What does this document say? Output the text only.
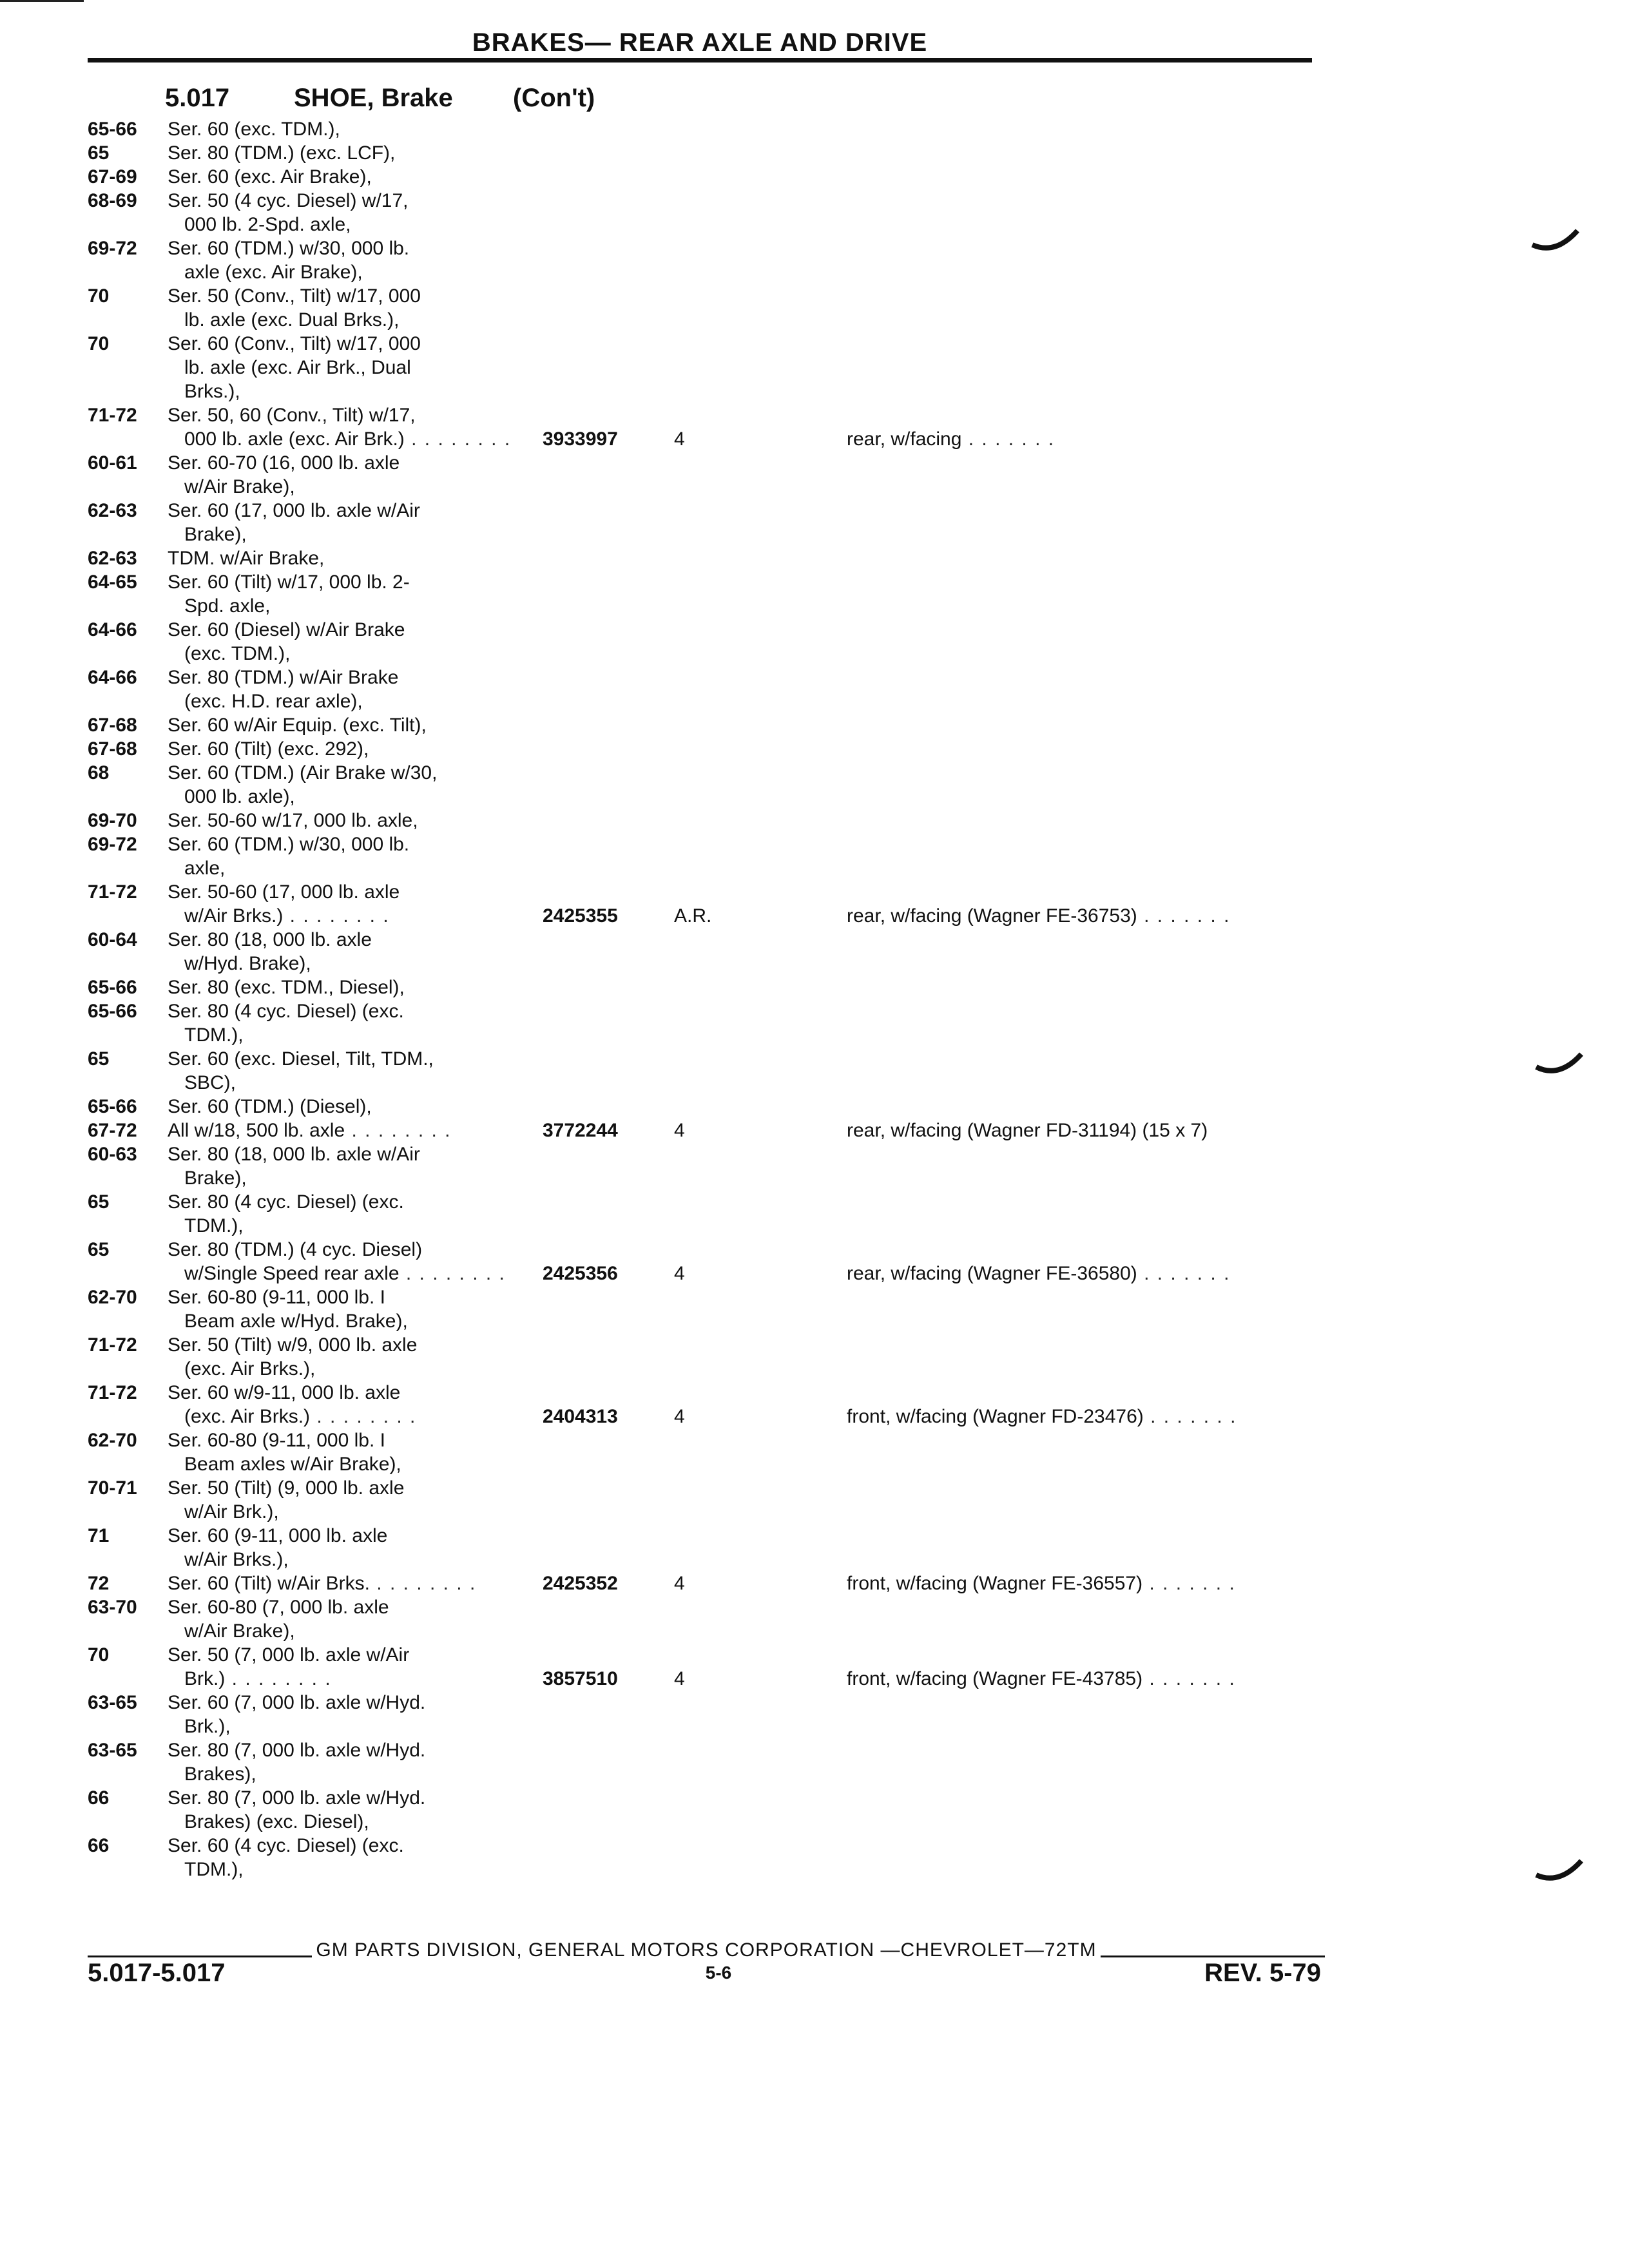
BRAKES— REAR AXLE AND DRIVE
5.017 SHOE, Brake (Con't)
65-66 Ser. 60 (exc. TDM.),
65	Ser. 80 (TDM.) (exc. LCF),
67-69 Ser. 60 (exc. Air Brake),
68-69 Ser. 50 (4 cyc. Diesel) w/17,
000 lb. 2-Spd. axle,
69-72 Ser. 60 (TDM.) w/30, 000 lb.
axle (exc. Air Brake),
70	Ser. 50 (Conv., Tilt) w/17, 000
lb. axle (exc. Dual Brks.),
70	Ser. 60 (Conv., Tilt) w/17, 000
lb. axle (exc. Air Brk., Dual
Brks.),
71-72 Ser. 50, 60 (Conv., Tilt) w/17,
000 lb. axle (exc. Air Brk.) . . . . . . . . 3933997	4	rear, w/facing . . . . . . .
60-61 Ser. 60-70 (16, 000 lb. axle
w/Air Brake),
62-63 Ser. 60 (17, 000 lb. axle w/Air
Brake),
62-63 TDM. w/Air Brake,
64-65 Ser. 60 (Tilt) w/17, 000 lb. 2-
Spd. axle,
64-66 Ser. 60 (Diesel) w/Air Brake
(exc. TDM.),
64-66 Ser. 80 (TDM.) w/Air Brake
(exc. H.D. rear axle),
67-68 Ser. 60 w/Air Equip. (exc. Tilt),
67-68 Ser. 60 (Tilt) (exc. 292),
68	Ser. 60 (TDM.) (Air Brake w/30,
000 lb. axle),
69-70 Ser. 50-60 w/17, 000 lb. axle,
69-72 Ser. 60 (TDM.) w/30, 000 lb.
axle,
71-72 Ser. 50-60 (17, 000 lb. axle
w/Air Brks.) . . . . . . . .	2425355	A.R.	rear, w/facing (Wagner FE-36753) . . . . . . .
60-64 Ser. 80 (18, 000 lb. axle
w/Hyd. Brake),
65-66 Ser. 80 (exc. TDM., Diesel),
65-66 Ser. 80 (4 cyc. Diesel) (exc.
TDM.),
65	Ser. 60 (exc. Diesel, Tilt, TDM.,
SBC),
65-66 Ser. 60 (TDM.) (Diesel),
67-72 All w/18, 500 lb. axle . . . . . . . .	3772244	4	rear, w/facing (Wagner FD-31194) (15 x 7)
60-63 Ser. 80 (18, 000 lb. axle w/Air
Brake),
65	Ser. 80 (4 cyc. Diesel) (exc.
TDM.),
65	Ser. 80 (TDM.) (4 cyc. Diesel)
w/Single Speed rear axle . . . . . . . . 2425356	4	rear, w/facing (Wagner FE-36580) . . . . . . .
62-70 Ser. 60-80 (9-11, 000 lb. I
Beam axle w/Hyd. Brake),
71-72 Ser. 50 (Tilt) w/9, 000 lb. axle
(exc. Air Brks.),
71-72 Ser. 60 w/9-11, 000 lb. axle
(exc. Air Brks.) . . . . . . . .	2404313	4	front, w/facing (Wagner FD-23476) . . . . . . .
62-70 Ser. 60-80 (9-11, 000 lb. I
Beam axles w/Air Brake),
70-71 Ser. 50 (Tilt) (9, 000 lb. axle
w/Air Brk.),
71	Ser. 60 (9-11, 000 lb. axle
w/Air Brks.),
72	Ser. 60 (Tilt) w/Air Brks. . . . . . . . .	2425352	4	front, w/facing (Wagner FE-36557) . . . . . . .
63-70 Ser. 60-80 (7, 000 lb. axle
w/Air Brake),
70	Ser. 50 (7, 000 lb. axle w/Air
Brk.) . . . . . . . .	3857510	4	front, w/facing (Wagner FE-43785) . . . . . . .
63-65 Ser. 60 (7, 000 lb. axle w/Hyd.
Brk.),
63-65 Ser. 80 (7, 000 lb. axle w/Hyd.
Brakes),
66	Ser. 80 (7, 000 lb. axle w/Hyd.
Brakes) (exc. Diesel),
66	Ser. 60 (4 cyc. Diesel) (exc.
TDM.),
GM PARTS DIVISION, GENERAL MOTORS CORPORATION —CHEVROLET—72TM
5.017-5.017	5-6	REV. 5-79
